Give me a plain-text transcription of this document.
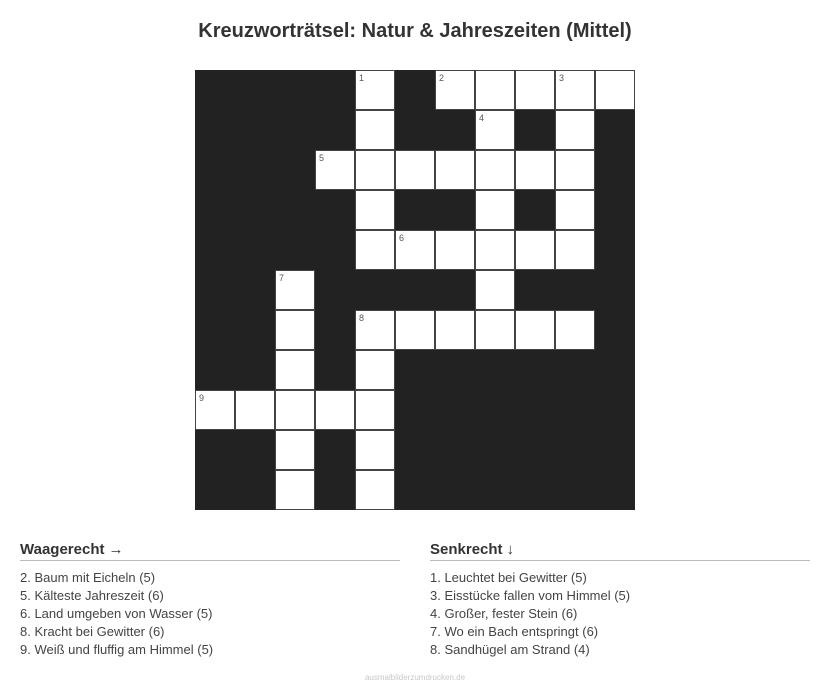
Kreuzworträtsel: Natur & Jahreszeiten (Mittel)
1	2	3
4
5
6
7
8
9
Waagerecht →
2. Baum mit Eicheln (5)
5. Kälteste Jahreszeit (6)
6. Land umgeben von Wasser (5)
8. Kracht bei Gewitter (6)
9. Weiß und fluffig am Himmel (5)
Senkrecht ↓
1. Leuchtet bei Gewitter (5)
3. Eisstücke fallen vom Himmel (5)
4. Großer, fester Stein (6)
7. Wo ein Bach entspringt (6)
8. Sandhügel am Strand (4)
ausmalbilderzumdrucken.de
